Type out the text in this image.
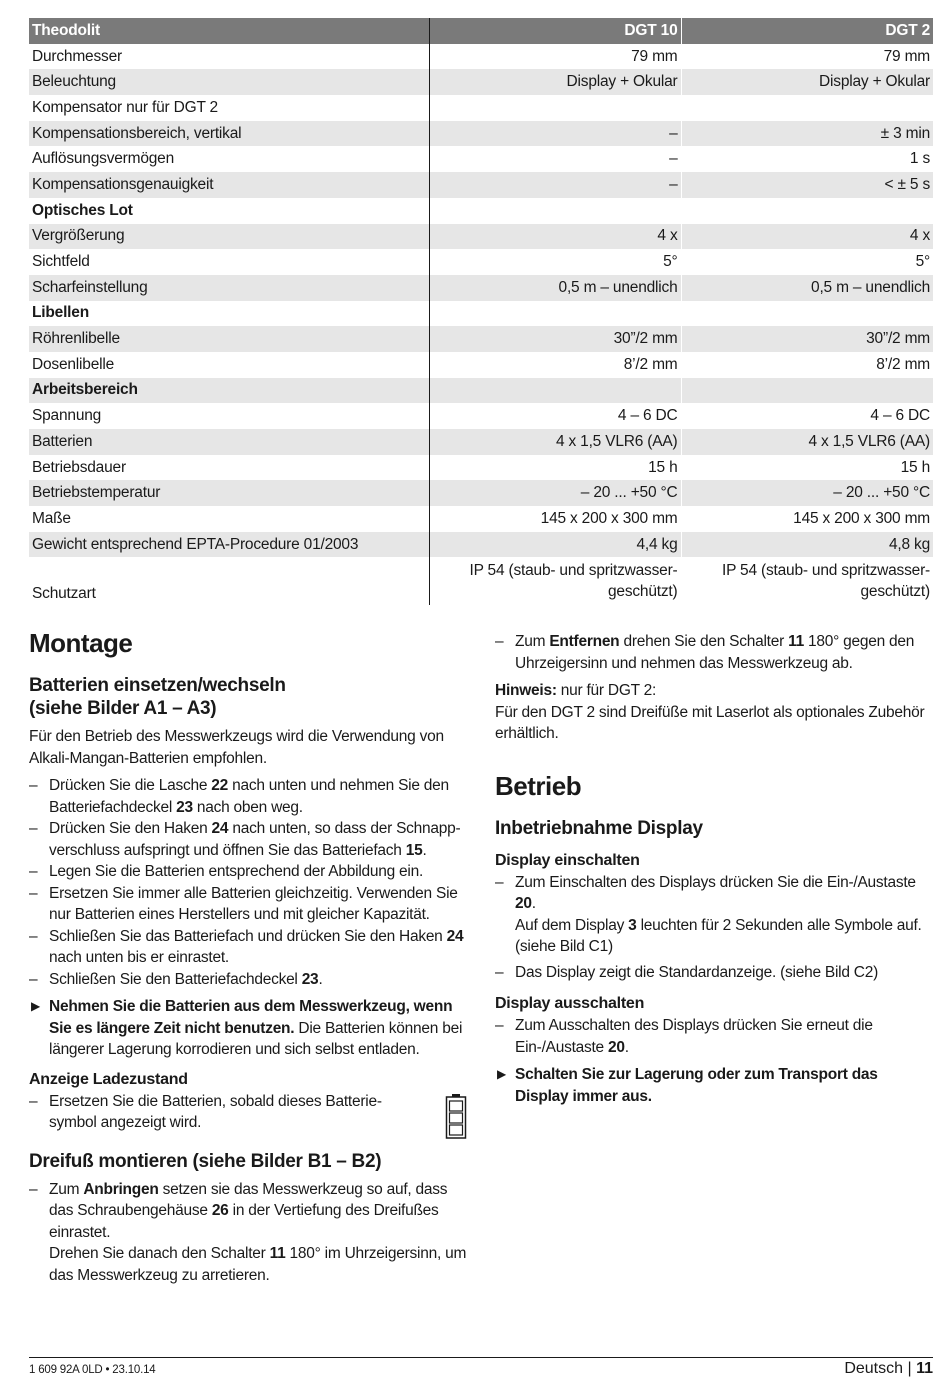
Theodolit	DGT 10	DGT 2
Durchmesser	79 mm	79 mm
Beleuchtung	Display + Okular	Display + Okular
Kompensator nur für DGT 2		
Kompensationsbereich, vertikal	–	± 3 min
Auflösungsvermögen	–	1 s
Kompensationsgenauigkeit	–	< ± 5 s
Optisches Lot		
Vergrößerung	4 x	4 x
Sichtfeld	5°	5°
Scharfeinstellung	0,5 m – unendlich	0,5 m – unendlich
Libellen		
Röhrenlibelle	30”/2 mm	30”/2 mm
Dosenlibelle	8’/2 mm	8’/2 mm
Arbeitsbereich		
Spannung	4 – 6 DC	4 – 6 DC
Batterien	4 x 1,5 VLR6 (AA)	4 x 1,5 VLR6 (AA)
Betriebsdauer	15 h	15 h
Betriebstemperatur	– 20 ... +50 °C	– 20 ... +50 °C
Maße	145 x 200 x 300 mm	145 x 200 x 300 mm
Gewicht entsprechend EPTA-Procedure 01/2003	4,4 kg	4,8 kg
Schutzart	IP 54 (staub- und spritzwasser- geschützt)	IP 54 (staub- und spritzwasser- geschützt)
Montage
Batterien einsetzen/wechseln
(siehe Bilder A1 – A3)

Für den Betrieb des Messwerkzeugs wird die Verwendung von Alkali-Mangan-Batterien empfohlen.

– Drücken Sie die Lasche 22 nach unten und nehmen Sie den Batteriefachdeckel 23 nach oben weg.
– Drücken Sie den Haken 24 nach unten, so dass der Schnappverschluss aufspringt und öffnen Sie das Batteriefach 15.
– Legen Sie die Batterien entsprechend der Abbildung ein.
– Ersetzen Sie immer alle Batterien gleichzeitig. Verwenden Sie nur Batterien eines Herstellers und mit gleicher Kapazität.
– Schließen Sie das Batteriefach und drücken Sie den Haken 24 nach unten bis er einrastet.
– Schließen Sie den Batteriefachdeckel 23.
▶ Nehmen Sie die Batterien aus dem Messwerkzeug, wenn Sie es längere Zeit nicht benutzen. Die Batterien können bei längerer Lagerung korrodieren und sich selbst entladen.
Anzeige Ladezustand
– Ersetzen Sie die Batterien, sobald dieses Batteriesymbol angezeigt wird.
Dreifuß montieren (siehe Bilder B1 – B2)
– Zum Anbringen setzen sie das Messwerkzeug so auf, dass das Schraubengehäuse 26 in der Vertiefung des Dreifußes einrastet.
Drehen Sie danach den Schalter 11 180° im Uhrzeigersinn, um das Messwerkzeug zu arretieren.
– Zum Entfernen drehen Sie den Schalter 11 180° gegen den Uhrzeigersinn und nehmen das Messwerkzeug ab.

Hinweis: nur für DGT 2:

Für den DGT 2 sind Dreifüße mit Laserlot als optionales Zubehör erhältlich.

Betrieb
Inbetriebnahme Display
Display einschalten
– Zum Einschalten des Displays drücken Sie die Ein-/Austaste 20.
Auf dem Display 3 leuchten für 2 Sekunden alle Symbole auf. (siehe Bild C1)
– Das Display zeigt die Standardanzeige. (siehe Bild C2)
Display ausschalten
– Zum Ausschalten des Displays drücken Sie erneut die Ein-/Austaste 20.
▶ Schalten Sie zur Lagerung oder zum Transport das Display immer aus.
1 609 92A 0LD • 23.10.14	Deutsch | 11
